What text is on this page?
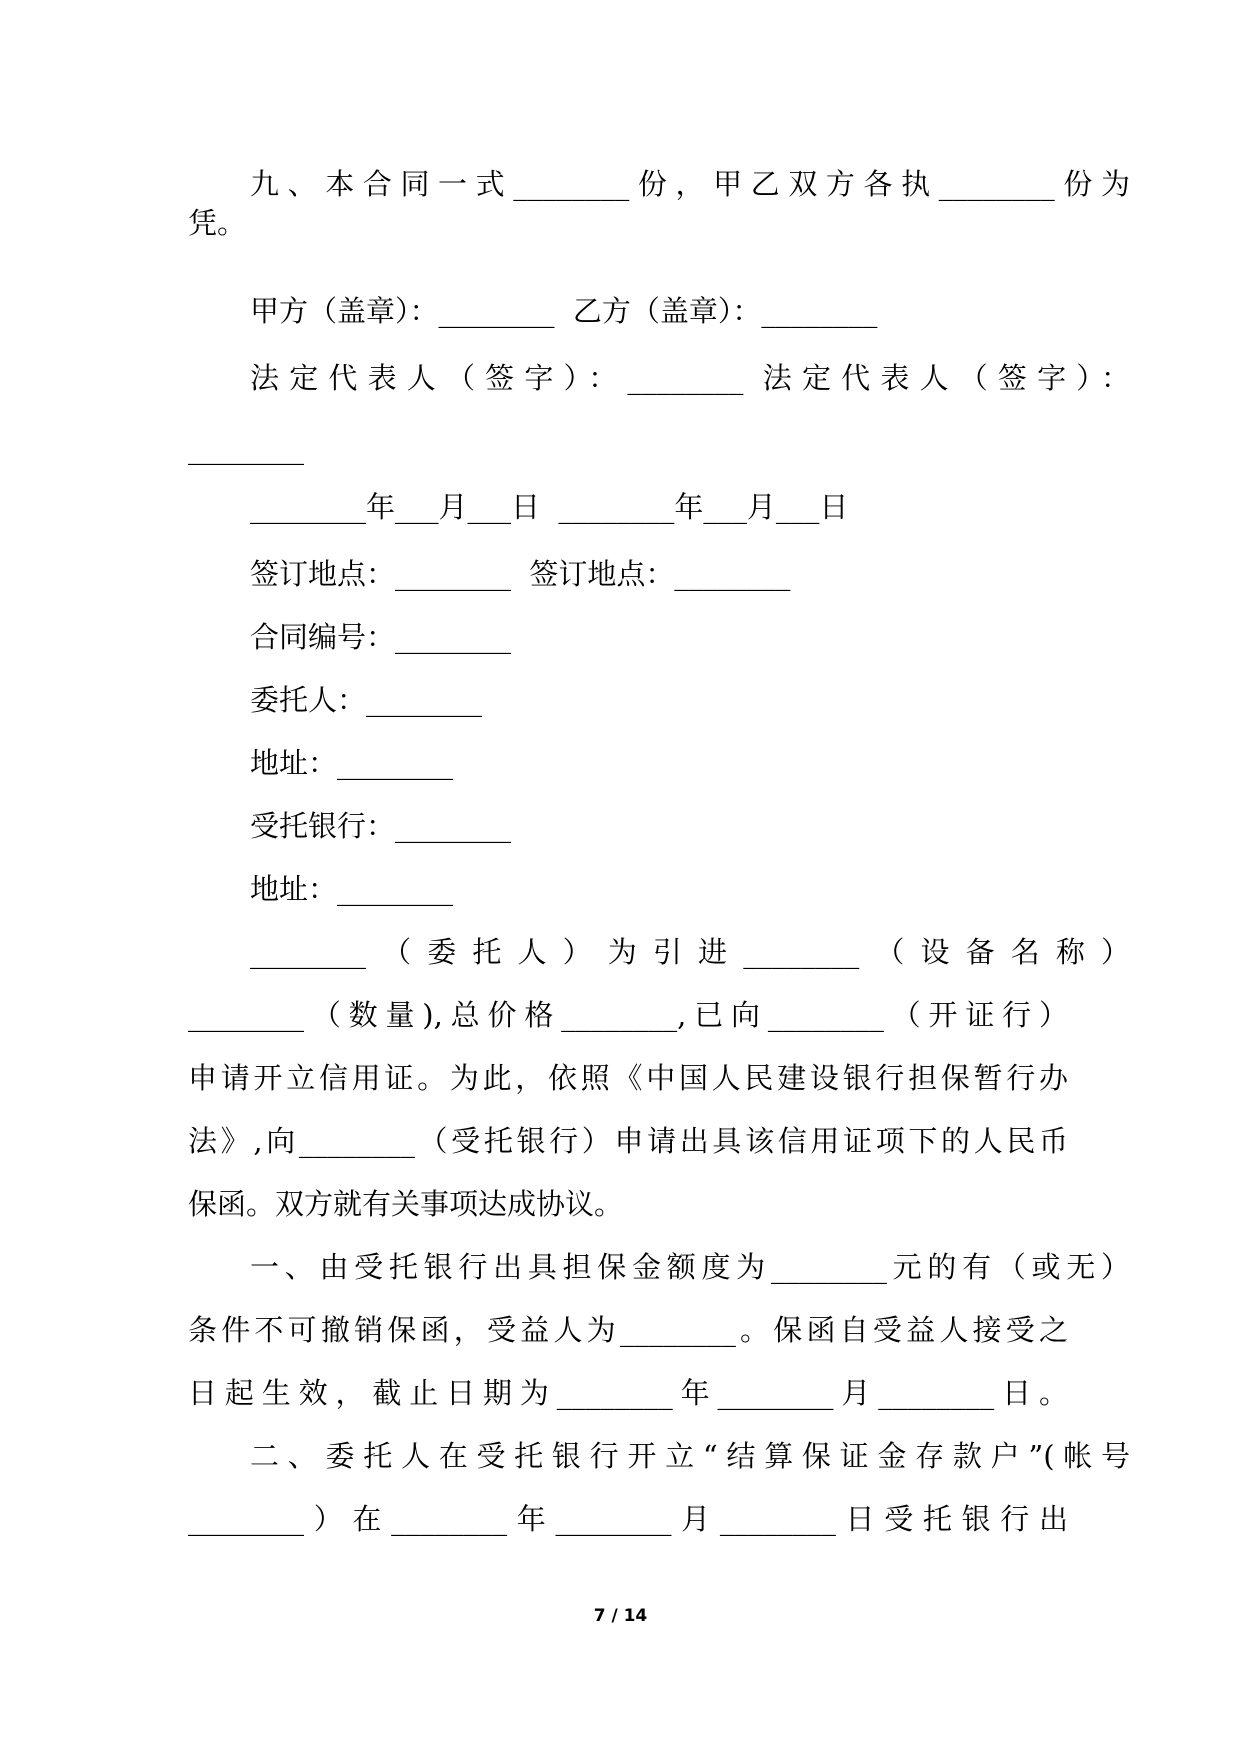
九、本合同一式________份，甲乙双方各执________份为
凭。
甲方（盖章）：________  乙方（盖章）：________
法定代表人（签字）：________ 法定代表人（签字）：
________
________年___月___日  ________年___月___日
签订地点：________  签订地点：________
合同编号：________
委托人：________
地址：________
受托银行：________
地址：________
________（委托人）为引进________（设备名称）
________（数量),总价格________,已向________（开证行）
申请开立信用证。为此，依照《中国人民建设银行担保暂行办
法》,向________（受托银行）申请出具该信用证项下的人民币
保函。双方就有关事项达成协议。
一、由受托银行出具担保金额度为________元的有（或无）
条件不可撤销保函，受益人为________。保函自受益人接受之
日起生效，截止日期为________年________月________日。
二、委托人在受托银行开立“结算保证金存款户”(帐号
________）在________年________月________日受托银行出
7 / 14
